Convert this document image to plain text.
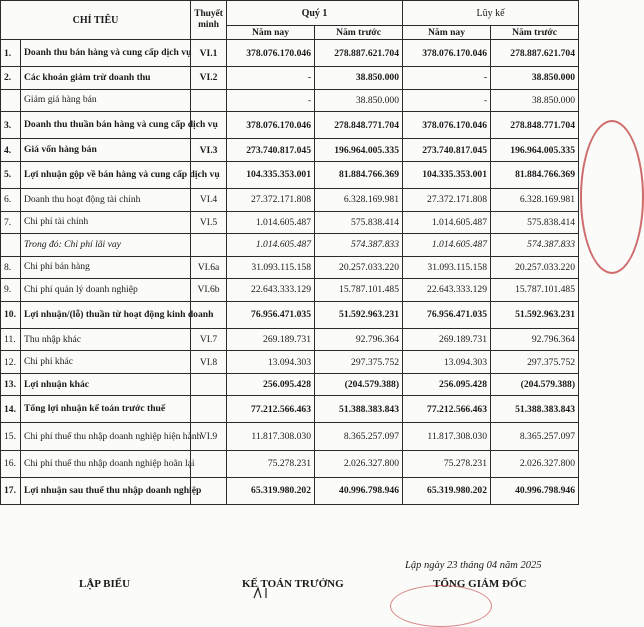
CHỈ TIÊU		Thuyết minh	Quý 1		Lũy kế	
			Năm nay	Năm trước	Năm nay	Năm trước
1.	Doanh thu bán hàng và cung cấp dịch vụ	VI.1	378.076.170.046	278.887.621.704	378.076.170.046	278.887.621.704
2.	Các khoản giảm trừ doanh thu	VI.2	-	38.850.000	-	38.850.000
	Giảm giá hàng bán		-	38.850.000	-	38.850.000
3.	Doanh thu thuần bán hàng và cung cấp dịch vụ		378.076.170.046	278.848.771.704	378.076.170.046	278.848.771.704
4.	Giá vốn hàng bán	VI.3	273.740.817.045	196.964.005.335	273.740.817.045	196.964.005.335
5.	Lợi nhuận gộp về bán hàng và cung cấp dịch vụ		104.335.353.001	81.884.766.369	104.335.353.001	81.884.766.369
6.	Doanh thu hoạt động tài chính	VI.4	27.372.171.808	6.328.169.981	27.372.171.808	6.328.169.981
7.	Chi phí tài chính	VI.5	1.014.605.487	575.838.414	1.014.605.487	575.838.414
	Trong đó: Chi phí lãi vay		1.014.605.487	574.387.833	1.014.605.487	574.387.833
8.	Chi phí bán hàng	VI.6a	31.093.115.158	20.257.033.220	31.093.115.158	20.257.033.220
9.	Chi phí quản lý doanh nghiệp	VI.6b	22.643.333.129	15.787.101.485	22.643.333.129	15.787.101.485
10.	Lợi nhuận/(lỗ) thuần từ hoạt động kinh doanh		76.956.471.035	51.592.963.231	76.956.471.035	51.592.963.231
11.	Thu nhập khác	VI.7	269.189.731	92.796.364	269.189.731	92.796.364
12.	Chi phí khác	VI.8	13.094.303	297.375.752	13.094.303	297.375.752
13.	Lợi nhuận khác		256.095.428	(204.579.388)	256.095.428	(204.579.388)
14.	Tổng lợi nhuận kế toán trước thuế		77.212.566.463	51.388.383.843	77.212.566.463	51.388.383.843
15.	Chi phí thuế thu nhập doanh nghiệp hiện hành	VI.9	11.817.308.030	8.365.257.097	11.817.308.030	8.365.257.097
16.	Chi phí thuế thu nhập doanh nghiệp hoãn lại		75.278.231	2.026.327.800	75.278.231	2.026.327.800
17.	Lợi nhuận sau thuế thu nhập doanh nghiệp		65.319.980.202	40.996.798.946	65.319.980.202	40.996.798.946
Lập ngày 23 tháng 04 năm 2025
LẬP BIỂU	KẾ TOÁN TRƯỞNG	TỔNG GIÁM ĐỐC
